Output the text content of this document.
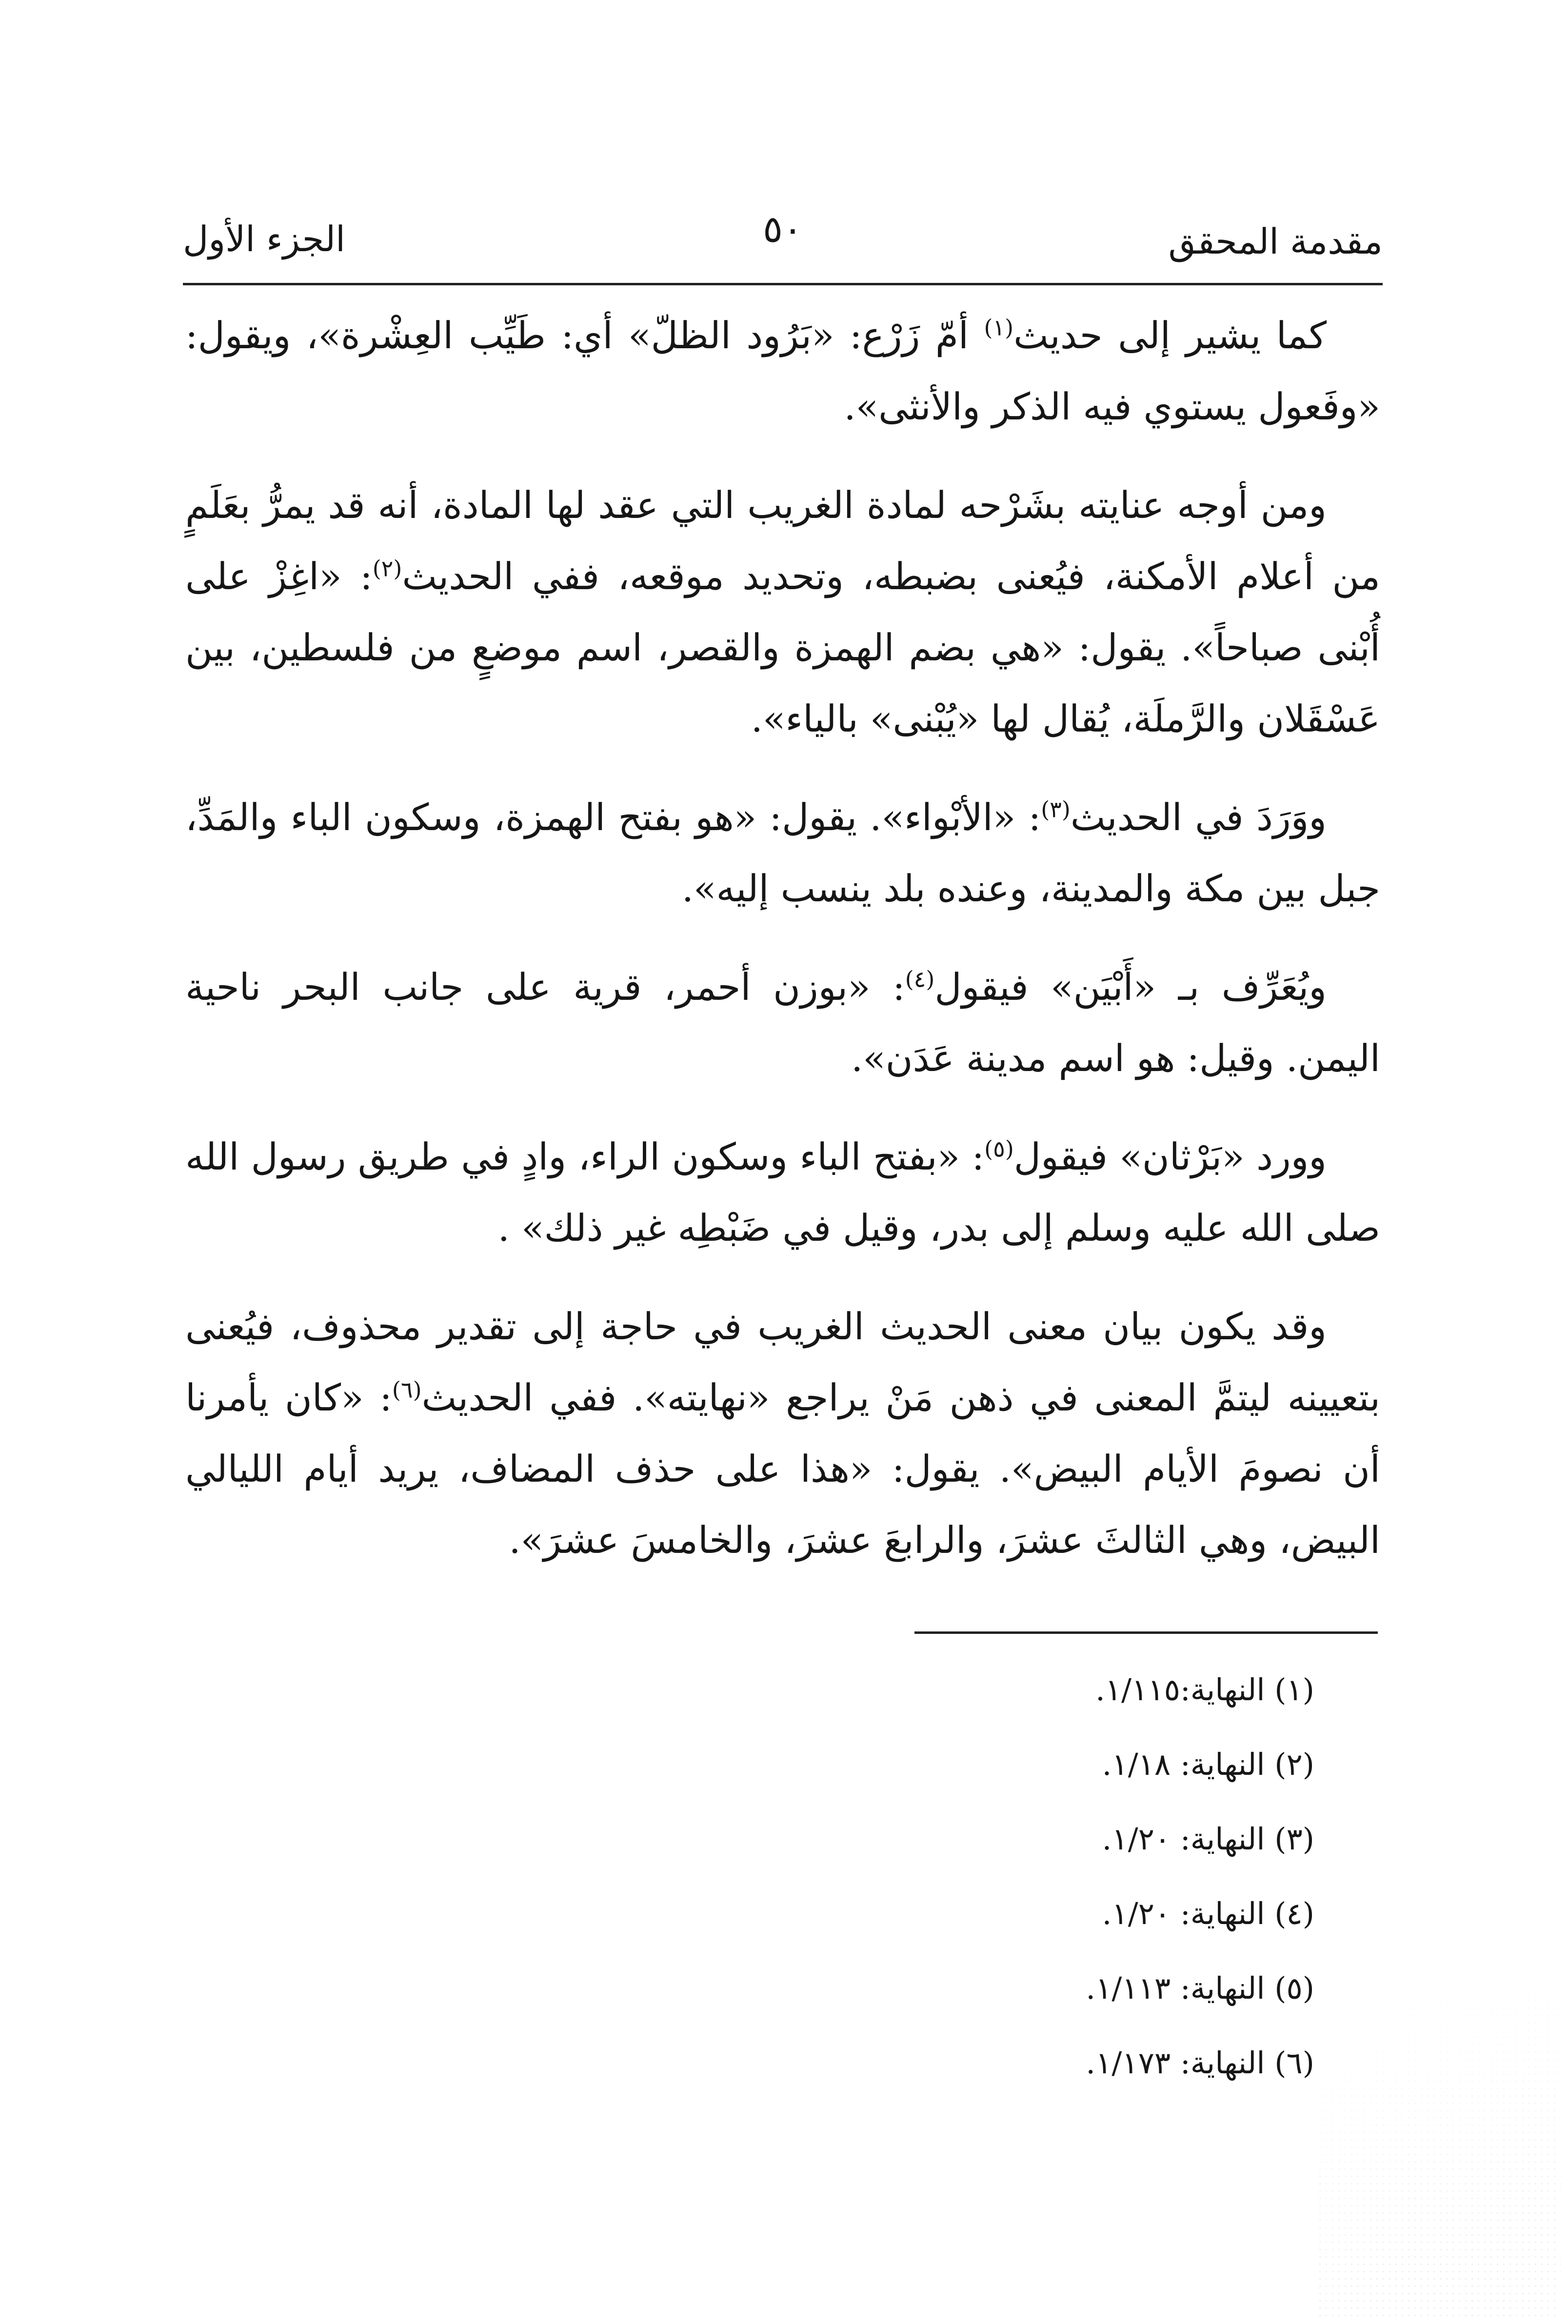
مقدمة المحقق
٥٠
الجزء الأول

كما يشير إلى حديث$^{(١)}$ أمّ زَرْع: «بَرُود الظلّ» أي: طَيِّب العِشْرة»، ويقول: «وفَعول يستوي فيه الذكر والأنثى».

ومن أوجه عنايته بشَرْحه لمادة الغريب التي عقد لها المادة، أنه قد يمرُّ بعَلَمٍ من أعلام الأمكنة، فيُعنى بضبطه، وتحديد موقعه، ففي الحديث$^{(٢)}$: «اغِزْ على أُبْنى صباحاً». يقول: «هي بضم الهمزة والقصر، اسم موضعٍ من فلسطين، بين عَسْقَلان والرَّملَة، يُقال لها «يُبْنى» بالياء».

ووَرَدَ في الحديث$^{(٣)}$: «الأبْواء». يقول: «هو بفتح الهمزة، وسكون الباء والمَدِّ، جبل بين مكة والمدينة، وعنده بلد ينسب إليه».

ويُعَرِّف بـ «أَبْيَن» فيقول$^{(٤)}$: «بوزن أحمر، قرية على جانب البحر ناحية اليمن. وقيل: هو اسم مدينة عَدَن».

وورد «بَرْثان» فيقول$^{(٥)}$: «بفتح الباء وسكون الراء، وادٍ في طريق رسول الله صلى الله عليه وسلم إلى بدر، وقيل في ضَبْطِه غير ذلك» .

وقد يكون بيان معنى الحديث الغريب في حاجة إلى تقدير محذوف، فيُعنى بتعيينه ليتمَّ المعنى في ذهن مَنْ يراجع «نهايته». ففي الحديث$^{(٦)}$: «كان يأمرنا أن نصومَ الأيام البيض». يقول: «هذا على حذف المضاف، يريد أيام الليالي البيض، وهي الثالثَ عشرَ، والرابعَ عشرَ، والخامسَ عشرَ».

(١) النهاية:١/١١٥.
(٢) النهاية: ١/١٨.
(٣) النهاية: ١/٢٠.
(٤) النهاية: ١/٢٠.
(٥) النهاية: ١/١١٣.
(٦) النهاية: ١/١٧٣.
